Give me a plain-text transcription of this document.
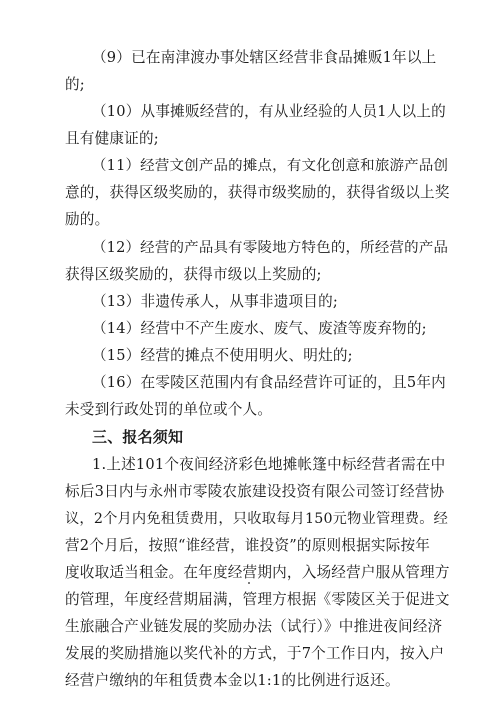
（9）已在南津渡办事处辖区经营非食品摊贩1年以上
的;
（10）从事摊贩经营的，有从业经验的人员1人以上的
且有健康证的;
（11）经营文创产品的摊点，有文化创意和旅游产品创
意的，获得区级奖励的，获得市级奖励的，获得省级以上奖
励的。
（12）经营的产品具有零陵地方特色的，所经营的产品
获得区级奖励的，获得市级以上奖励的;
（13）非遗传承人，从事非遗项目的;
（14）经营中不产生废水、废气、废渣等废弃物的;
（15）经营的摊点不使用明火、明灶的;
（16）在零陵区范围内有食品经营许可证的，且5年内
未受到行政处罚的单位或个人。
三、报名须知
1.上述101个夜间经济彩色地摊帐篷中标经营者需在中
标后3日内与永州市零陵农旅建设投资有限公司签订经营协
议，2个月内免租赁费用，只收取每月150元物业管理费。经
营2个月后，按照“谁经营，谁投资”的原则根据实际按年
度收取适当租金。在年度经营期内，入场经营户服从管理方
的管理，年度经营期届满，管理方根据《零陵区关于促进文
生旅融合产业链发展的奖励办法（试行）》中推进夜间经济
发展的奖励措施以奖代补的方式，于7个工作日内，按入户
经营户缴纳的年租赁费本金以1:1的比例进行返还。
